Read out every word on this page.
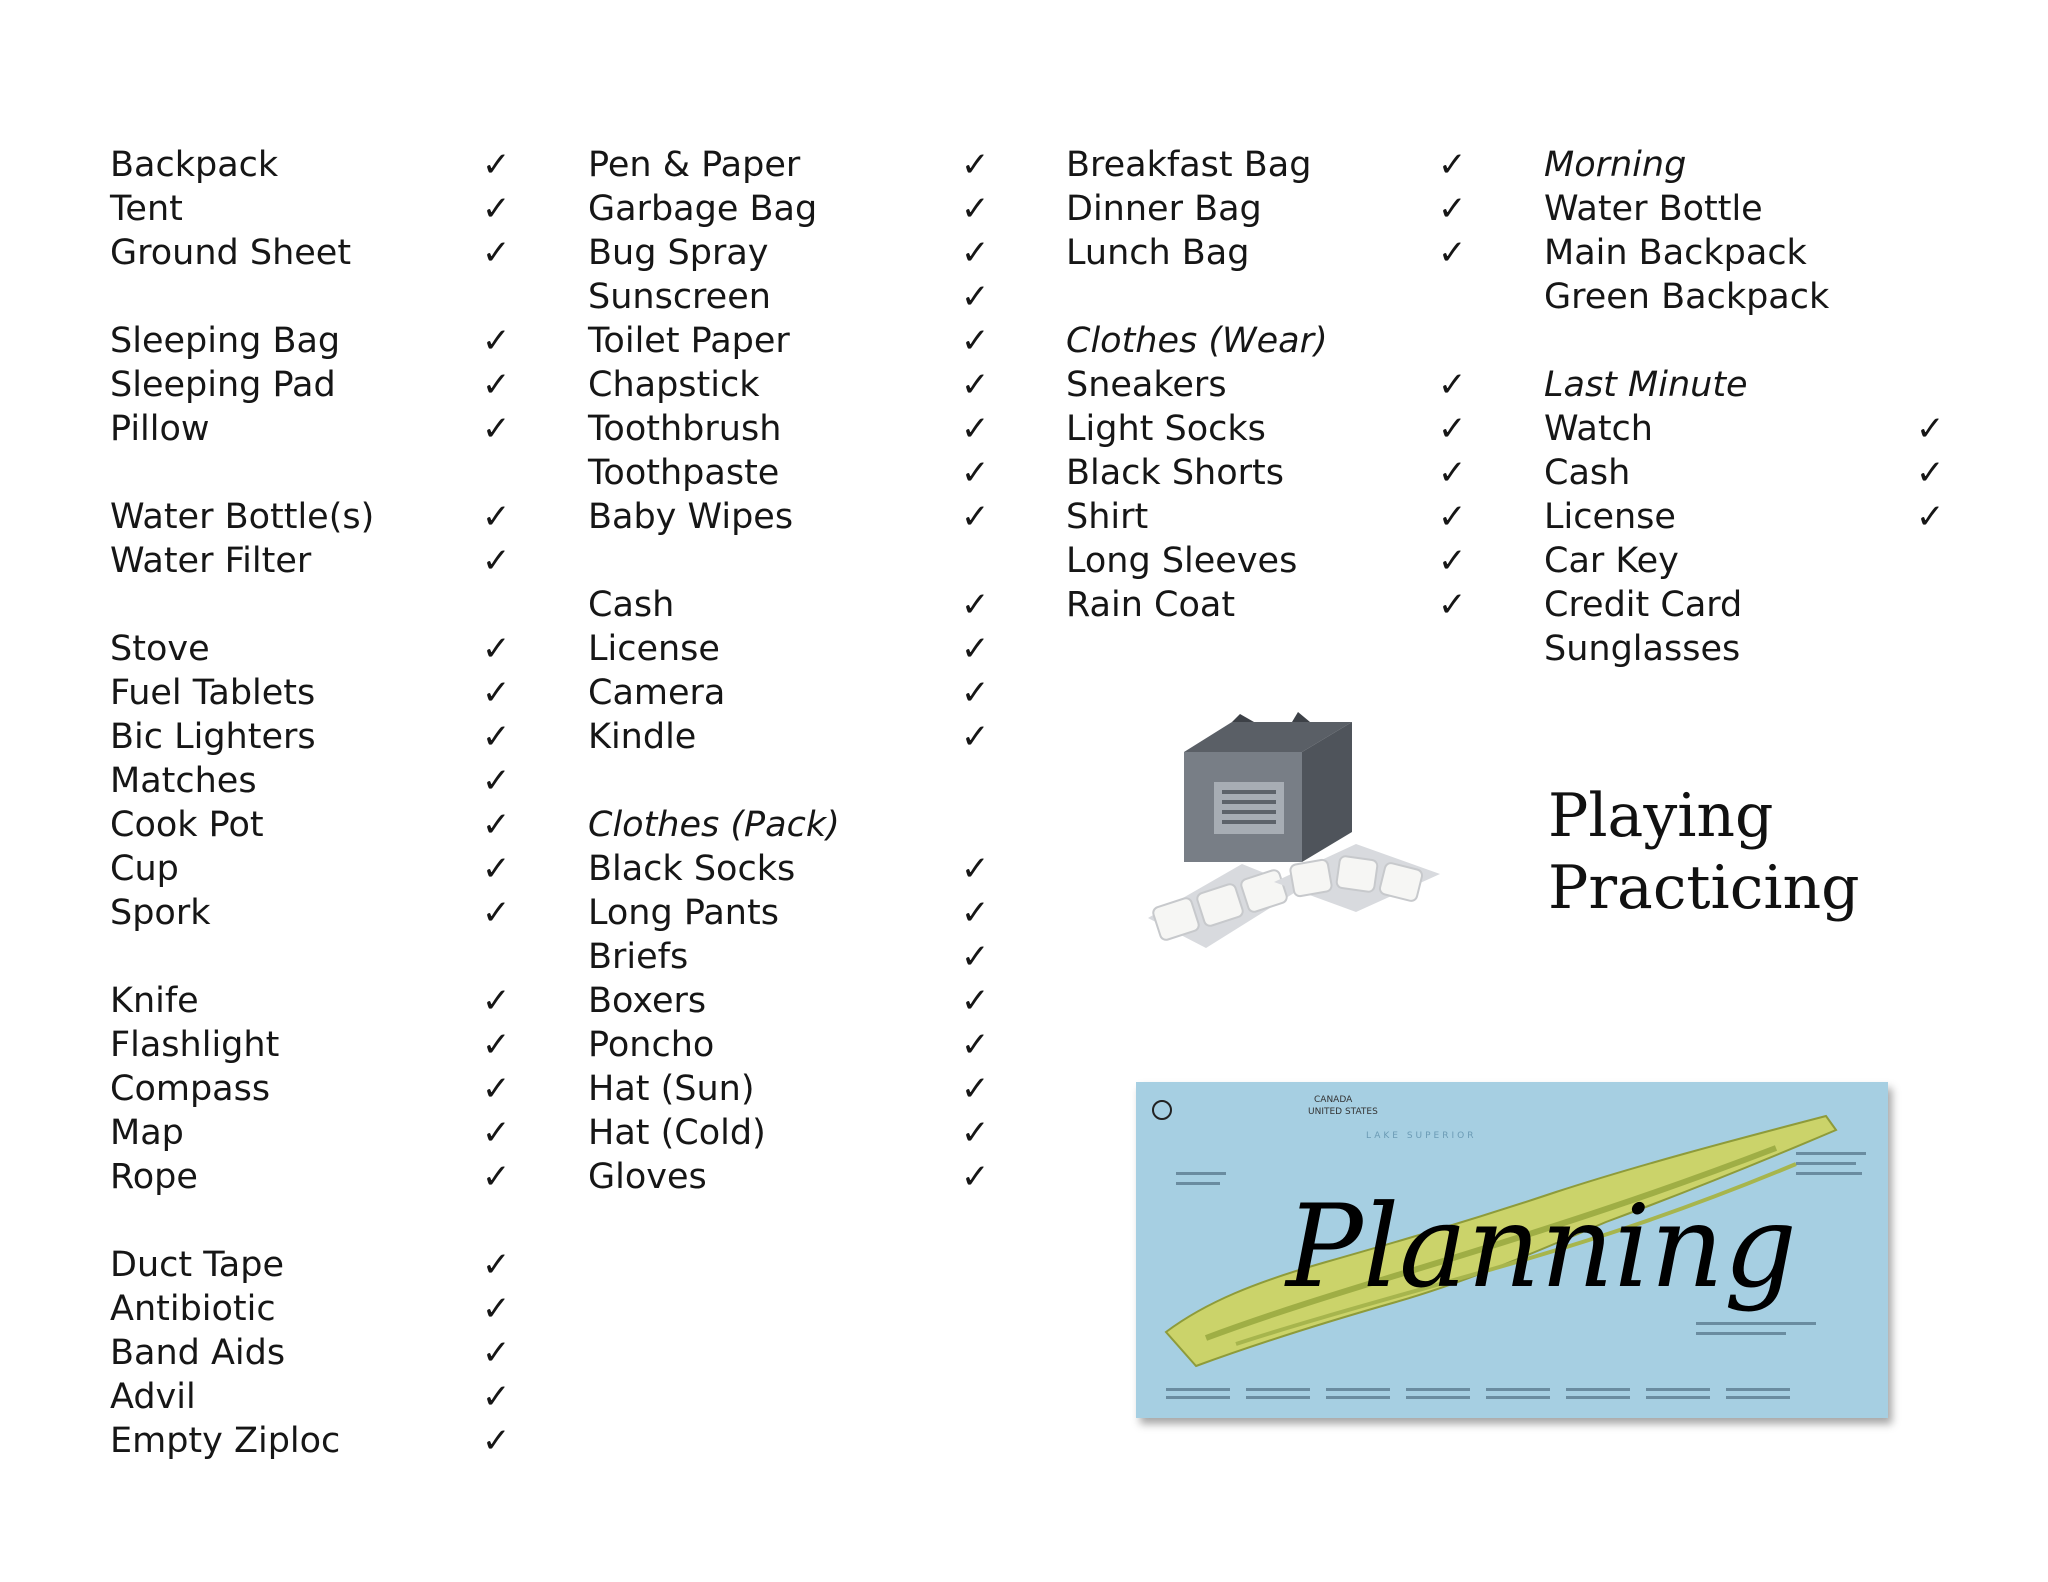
Backpack	✓
Tent	✓
Ground Sheet	✓
Sleeping Bag	✓
Sleeping Pad	✓
Pillow	✓
Water Bottle(s)	✓
Water Filter	✓
Stove	✓
Fuel Tablets	✓
Bic Lighters	✓
Matches	✓
Cook Pot	✓
Cup	✓
Spork	✓
Knife	✓
Flashlight	✓
Compass	✓
Map	✓
Rope	✓
Duct Tape	✓
Antibiotic	✓
Band Aids	✓
Advil	✓
Empty Ziploc	✓
Pen & Paper	✓
Garbage Bag	✓
Bug Spray	✓
Sunscreen	✓
Toilet Paper	✓
Chapstick	✓
Toothbrush	✓
Toothpaste	✓
Baby Wipes	✓
Cash	✓
License	✓
Camera	✓
Kindle	✓
Clothes (Pack)
Black Socks	✓
Long Pants	✓
Briefs	✓
Boxers	✓
Poncho	✓
Hat (Sun)	✓
Hat (Cold)	✓
Gloves	✓
Breakfast Bag	✓
Dinner Bag	✓
Lunch Bag	✓
Clothes (Wear)
Sneakers	✓
Light Socks	✓
Black Shorts	✓
Shirt	✓
Long Sleeves	✓
Rain Coat	✓
Morning
Water Bottle
Main Backpack
Green Backpack
Last Minute
Watch	✓
Cash	✓
License	✓
Car Key
Credit Card
Sunglasses
Playing
Practicing
CANADA
UNITED STATES
LAKE SUPERIOR
Planning
